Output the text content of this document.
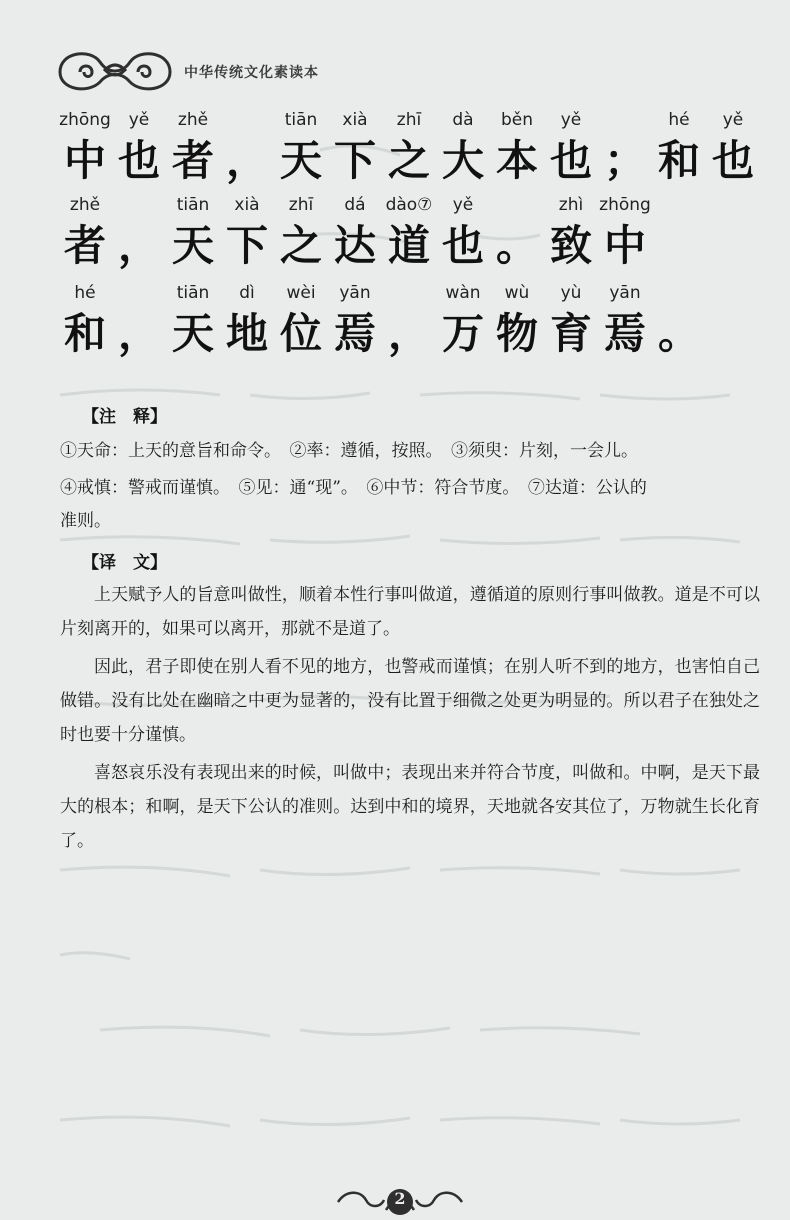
中华传统文化素读本
zhōng
中
yě
也
zhě
者 ，
tiān
天
xià
下
zhī
之
dà
大
běn
本
yě
也 ；
hé
和
yě
也
zhě
者 ，
tiān
天
xià
下
zhī
之
dá
达
dào⑦
道
yě
也 。
zhì
致
zhōng
中
hé
和 ，
tiān
天
dì
地
wèi
位
yān
焉 ，
wàn
万
wù
物
yù
育
yān
焉 。
【注　释】
①天命：上天的意旨和命令。　②率：遵循，按照。　③须臾：片刻，一会儿。
④戒慎：警戒而谨慎。　⑤见：通“现”。　⑥中节：符合节度。　⑦达道：公认的
准则。
【译　文】

上天赋予人的旨意叫做性，顺着本性行事叫做道，遵循道的原则行事叫做教。道是不可以片刻离开的，如果可以离开，那就不是道了。

因此，君子即使在别人看不见的地方，也警戒而谨慎；在别人听不到的地方，也害怕自己做错。没有比处在幽暗之中更为显著的，没有比置于细微之处更为明显的。所以君子在独处之时也要十分谨慎。

喜怒哀乐没有表现出来的时候，叫做中；表现出来并符合节度，叫做和。中啊，是天下最大的根本；和啊，是天下公认的准则。达到中和的境界，天地就各安其位了，万物就生长化育了。

2
